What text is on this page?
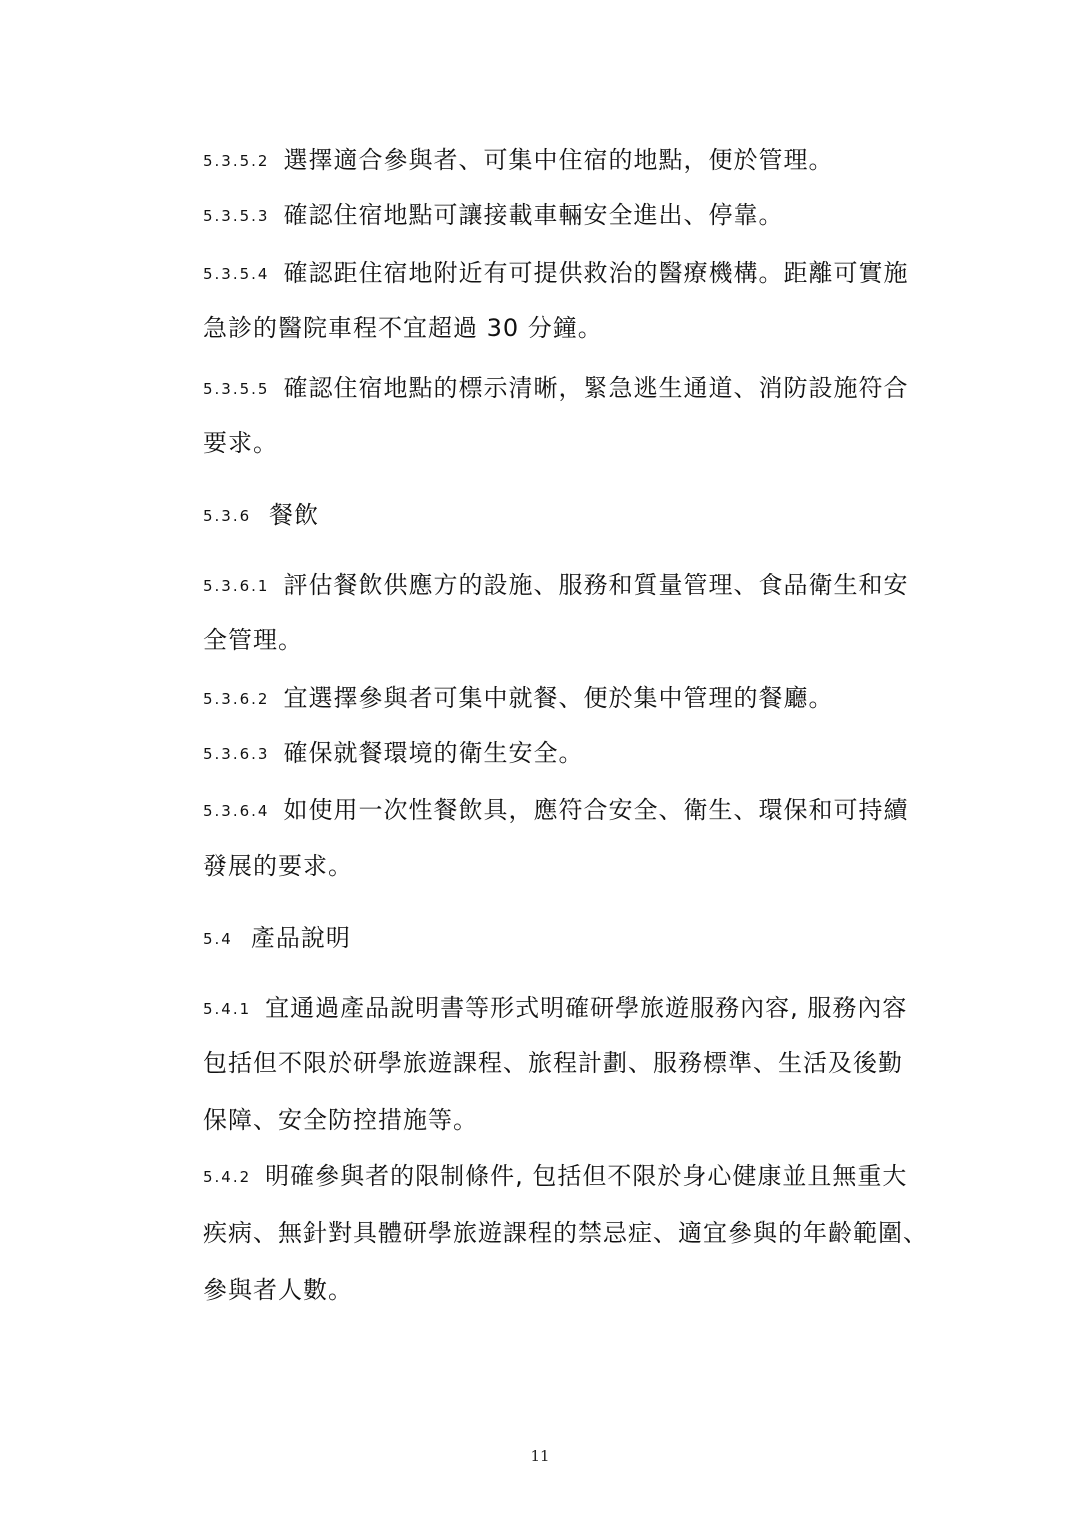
5.3.5.2 選擇適合參與者、可集中住宿的地點，便於管理。
5.3.5.3 確認住宿地點可讓接載車輛安全進出、停靠。
5.3.5.4 確認距住宿地附近有可提供救治的醫療機構。距離可實施
急診的醫院車程不宜超過 30 分鐘。
5.3.5.5 確認住宿地點的標示清晰，緊急逃生通道、消防設施符合
要求。
5.3.6 餐飲
5.3.6.1 評估餐飲供應方的設施、服務和質量管理、食品衛生和安
全管理。
5.3.6.2 宜選擇參與者可集中就餐、便於集中管理的餐廳。
5.3.6.3 確保就餐環境的衛生安全。
5.3.6.4 如使用一次性餐飲具，應符合安全、衛生、環保和可持續
發展的要求。
5.4 產品說明
5.4.1 宜通過產品說明書等形式明確研學旅遊服務內容, 服務內容
包括但不限於研學旅遊課程、旅程計劃、服務標準、生活及後勤
保障、安全防控措施等。
5.4.2 明確參與者的限制條件, 包括但不限於身心健康並且無重大
疾病、無針對具體研學旅遊課程的禁忌症、適宜參與的年齡範圍、
參與者人數。
11
